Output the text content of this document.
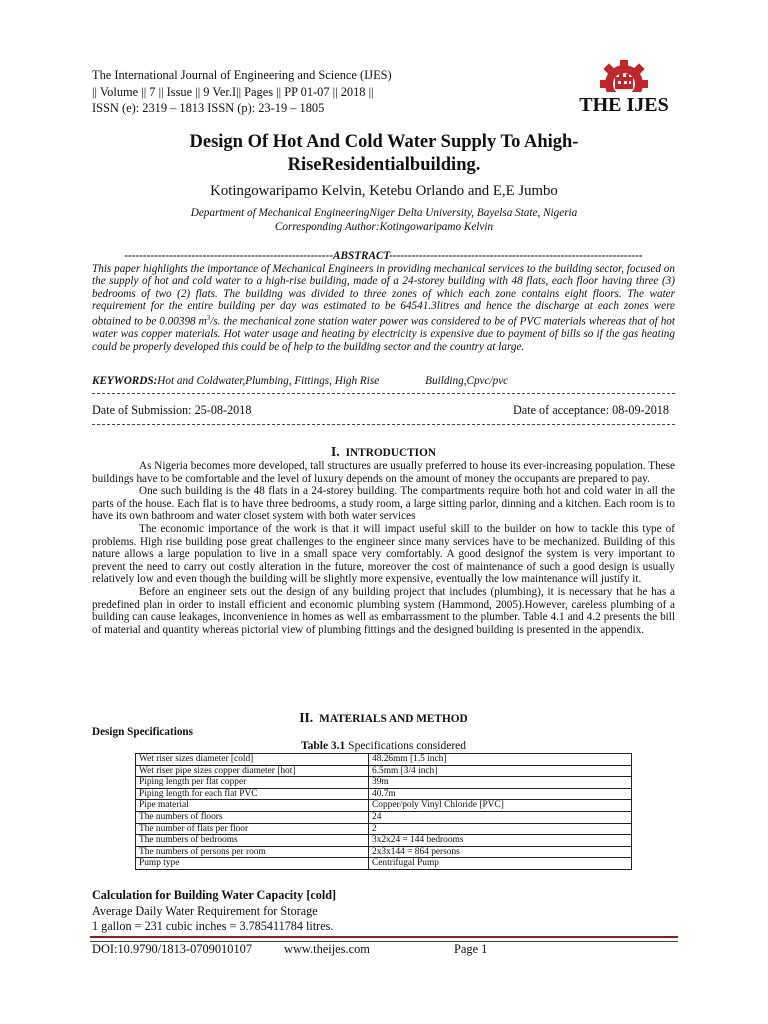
The International Journal of Engineering and Science (IJES)
|| Volume || 7 || Issue || 9 Ver.I|| Pages || PP 01-07 || 2018 ||
ISSN (e): 2319 – 1813 ISSN (p): 23-19 – 1805	THE IJES
Design Of Hot And Cold Water Supply To Ahigh-
RiseResidentialbuilding.
Kotingowaripamo Kelvin, Ketebu Orlando and E,E Jumbo
Department of Mechanical EngineeringNiger Delta University, Bayelsa State, Nigeria
Corresponding Author:Kotingowaripamo Kelvin
--------------------------------------------------------ABSTRACT--------------------------------------------------------------------
This paper highlights the importance of Mechanical Engineers in providing mechanical services to the building sector, focused on the supply of hot and cold water to a high-rise building, made of a 24-storey building with 48 flats, each floor having three (3) bedrooms of two (2) flats. The building was divided to three zones of which each zone contains eight floors. The water requirement for the entire building per day was estimated to be 64541.3litres and hence the discharge at each zones were obtained to be 0.00398 $m^3/s$. the mechanical zone station water power was considered to be of PVC materials whereas that of hot water was copper materials. Hot water usage and heating by electricity is expensive due to payment of bills so if the gas heating could be properly developed this could be of help to the building sector and the country at large.
KEYWORDS:Hot and Coldwater,Plumbing, Fittings, High Rise	Building,Cpvc/pvc
Date of Submission: 25-08-2018	Date of acceptance: 08-09-2018
I. INTRODUCTION

As Nigeria becomes more developed, tall structures are usually preferred to house its ever-increasing population. These buildings have to be comfortable and the level of luxury depends on the amount of money the occupants are prepared to pay.

One such building is the 48 flats in a 24-storey building. The compartments require both hot and cold water in all the parts of the house. Each flat is to have three bedrooms, a study room, a large sitting parlor, dinning and a kitchen. Each room is to have its own bathroom and water closet system with both water services

The economic importance of the work is that it will impact useful skill to the builder on how to tackle this type of problems. High rise building pose great challenges to the engineer since many services have to be mechanized. Building of this nature allows a large population to live in a small space very comfortably. A good designof the system is very important to prevent the need to carry out costly alteration in the future, moreover the cost of maintenance of such a good design is usually relatively low and even though the building will be slightly more expensive, eventually the low maintenance will justify it.

Before an engineer sets out the design of any building project that includes (plumbing), it is necessary that he has a predefined plan in order to install efficient and economic plumbing system (Hammond, 2005).However, careless plumbing of a building can cause leakages, inconvenience in homes as well as embarrassment to the plumber. Table 4.1 and 4.2 presents the bill of material and quantity whereas pictorial view of plumbing fittings and the designed building is presented in the appendix.

II. MATERIALS AND METHOD
Design Specifications
Table 3.1 Specifications considered
Wet riser sizes diameter [cold]	48.26mm [1.5 inch]
Wet riser pipe sizes copper diameter [hot]	6.5mm [3/4 inch]
Piping length per flat copper	39m
Piping length for each flat PVC	40.7m
Pipe material	Copper/poly Vinyl Chloride [PVC]
The numbers of floors	24
The number of flats per floor	2
The numbers of bedrooms	3x2x24 = 144 bedrooms
The numbers of persons per room	2x3x144 = 864 persons
Pump type	Centrifugal Pump
Calculation for Building Water Capacity [cold]
Average Daily Water Requirement for Storage
1 gallon = 231 cubic inches = 3.785411784 litres.
DOI:10.9790/1813-0709010107	www.theijes.com	Page 1
